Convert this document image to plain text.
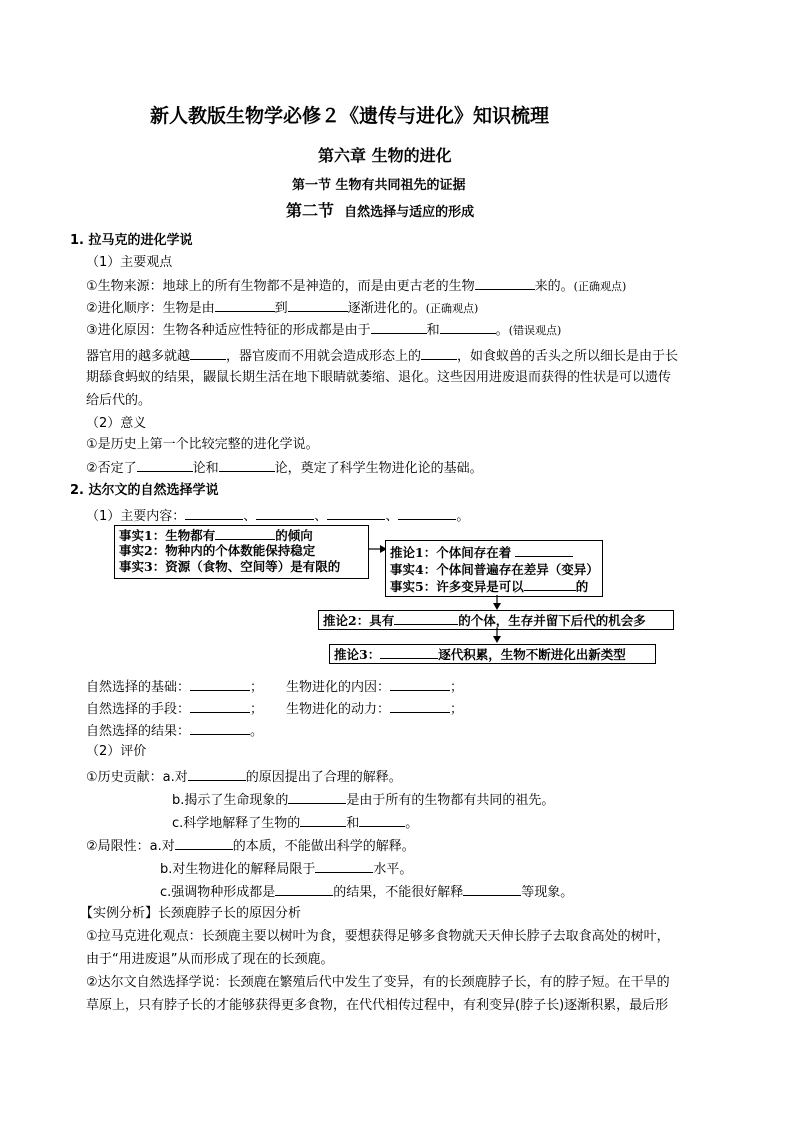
新人教版生物学必修２《遗传与进化》知识梳理
第六章 生物的进化
第一节 生物有共同祖先的证据
第二节 自然选择与适应的形成
1. 拉马克的进化学说
（1）主要观点
①生物来源：地球上的所有生物都不是神造的，而是由更古老的生物	来的。(正确观点)
②进化顺序：生物是由	到	逐渐进化的。(正确观点)
③进化原因：生物各种适应性特征的形成都是由于	和	。(错误观点)
器官用的越多就越	，器官废而不用就会造成形态上的	，如食蚁兽的舌头之所以细长是由于长
期舔食蚂蚁的结果，鼹鼠长期生活在地下眼睛就萎缩、退化。这些因用进废退而获得的性状是可以遗传
给后代的。
（2）意义
①是历史上第一个比较完整的进化学说。
②否定了	论和	论，奠定了科学生物进化论的基础。
2. 达尔文的自然选择学说
（1）主要内容：	、	、	、	。
事实1：生物都有	的倾向
事实2：物种内的个体数能保持稳定
事实3：资源（食物、空间等）是有限的
推论1：个体间存在着
事实4：个体间普遍存在差异（变异）
事实5：许多变异是可以	的
推论2：具有	的个体，生存并留下后代的机会多
推论3：	逐代积累，生物不断进化出新类型
自然选择的基础：	； 生物进化的内因：	；
自然选择的手段：	； 生物进化的动力：	；
自然选择的结果：	。
（2）评价
①历史贡献：a.对	的原因提出了合理的解释。
b.揭示了生命现象的	是由于所有的生物都有共同的祖先。
c.科学地解释了生物的	和	。
②局限性：a.对	的本质，不能做出科学的解释。
b.对生物进化的解释局限于	水平。
c.强调物种形成都是	的结果，不能很好解释	等现象。
【实例分析】长颈鹿脖子长的原因分析
①拉马克进化观点：长颈鹿主要以树叶为食，要想获得足够多食物就天天伸长脖子去取食高处的树叶，
由于“用进废退”从而形成了现在的长颈鹿。
②达尔文自然选择学说：长颈鹿在繁殖后代中发生了变异，有的长颈鹿脖子长，有的脖子短。在干旱的
草原上，只有脖子长的才能够获得更多食物，在代代相传过程中，有利变异(脖子长)逐渐积累，最后形
